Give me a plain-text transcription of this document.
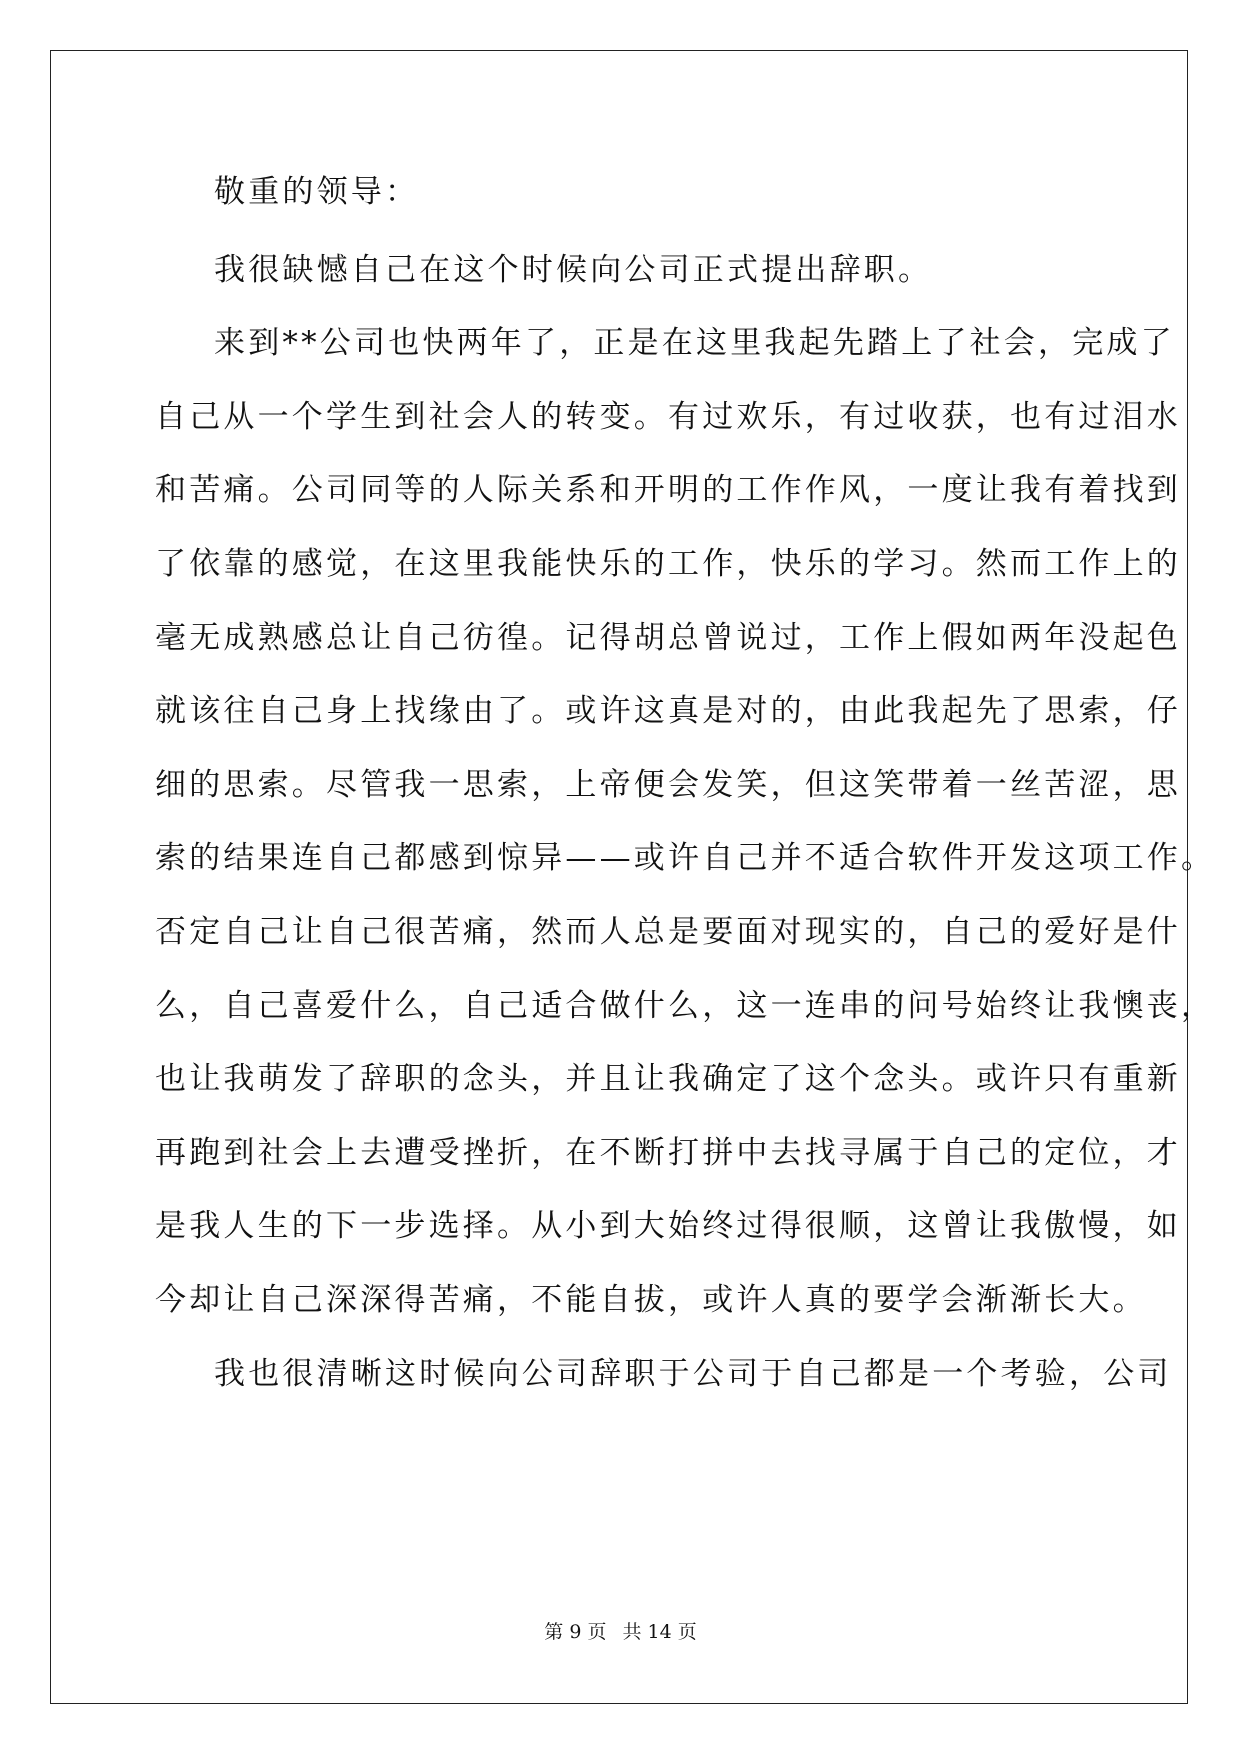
敬重的领导：
我很缺憾自己在这个时候向公司正式提出辞职。
来到**公司也快两年了，正是在这里我起先踏上了社会，完成了
自己从一个学生到社会人的转变。有过欢乐，有过收获，也有过泪水
和苦痛。公司同等的人际关系和开明的工作作风，一度让我有着找到
了依靠的感觉，在这里我能快乐的工作，快乐的学习。然而工作上的
毫无成熟感总让自己彷徨。记得胡总曾说过，工作上假如两年没起色
就该往自己身上找缘由了。或许这真是对的，由此我起先了思索，仔
细的思索。尽管我一思索，上帝便会发笑，但这笑带着一丝苦涩，思
索的结果连自己都感到惊异——或许自己并不适合软件开发这项工作。
否定自己让自己很苦痛，然而人总是要面对现实的，自己的爱好是什
么，自己喜爱什么，自己适合做什么，这一连串的问号始终让我懊丧，
也让我萌发了辞职的念头，并且让我确定了这个念头。或许只有重新
再跑到社会上去遭受挫折，在不断打拼中去找寻属于自己的定位，才
是我人生的下一步选择。从小到大始终过得很顺，这曾让我傲慢，如
今却让自己深深得苦痛，不能自拔，或许人真的要学会渐渐长大。
我也很清晰这时候向公司辞职于公司于自己都是一个考验，公司
第 9 页 共 14 页
